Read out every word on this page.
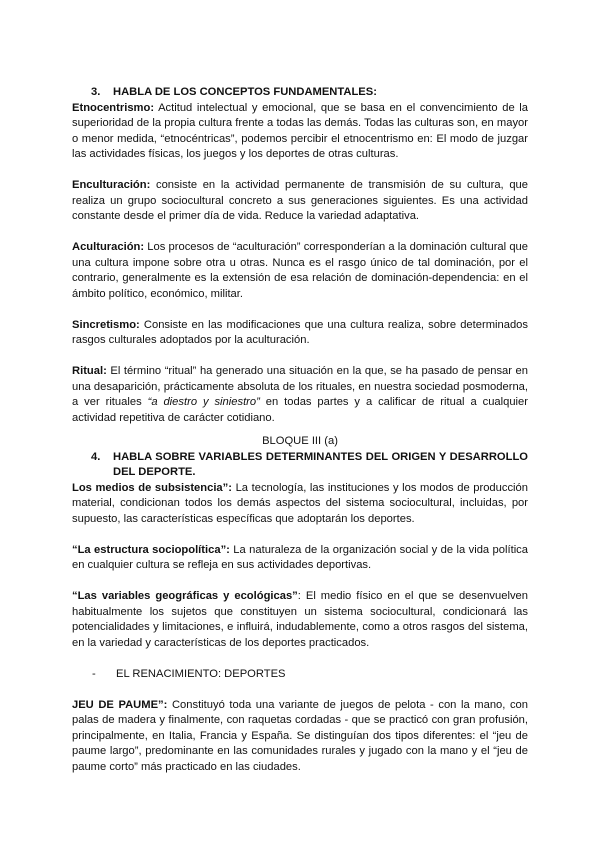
3.	HABLA DE LOS CONCEPTOS FUNDAMENTALES:

Etnocentrismo: Actitud intelectual y emocional, que se basa en el convencimiento de la superioridad de la propia cultura frente a todas las demás. Todas las culturas son, en mayor o menor medida, “etnocéntricas”, podemos percibir el etnocentrismo en: El modo de juzgar las actividades físicas, los juegos y los deportes de otras culturas.

Enculturación: consiste en la actividad permanente de transmisión de su cultura, que realiza un grupo sociocultural concreto a sus generaciones siguientes. Es una actividad constante desde el primer día de vida. Reduce la variedad adaptativa.

Aculturación: Los procesos de “aculturación” corresponderían a la dominación cultural que una cultura impone sobre otra u otras. Nunca es el rasgo único de tal dominación, por el contrario, generalmente es la extensión de esa relación de dominación-dependencia: en el ámbito político, económico, militar.

Sincretismo: Consiste en las modificaciones que una cultura realiza, sobre determinados rasgos culturales adoptados por la aculturación.

Ritual: El término “ritual” ha generado una situación en la que, se ha pasado de pensar en una desaparición, prácticamente absoluta de los rituales, en nuestra sociedad posmoderna, a ver rituales “a diestro y siniestro” en todas partes y a calificar de ritual a cualquier actividad repetitiva de carácter cotidiano.

BLOQUE III (a)

4.	HABLA SOBRE VARIABLES DETERMINANTES DEL ORIGEN Y DESARROLLO DEL DEPORTE.

Los medios de subsistencia”: La tecnología, las instituciones y los modos de producción material, condicionan todos los demás aspectos del sistema sociocultural, incluidas, por supuesto, las características específicas que adoptarán los deportes.

“La estructura sociopolítica”: La naturaleza de la organización social y de la vida política en cualquier cultura se refleja en sus actividades deportivas.

“Las variables geográficas y ecológicas”: El medio físico en el que se desenvuelven habitualmente los sujetos que constituyen un sistema sociocultural, condicionará las potencialidades y limitaciones, e influirá, indudablemente, como a otros rasgos del sistema, en la variedad y características de los deportes practicados.

-	EL RENACIMIENTO: DEPORTES

JEU DE PAUME”: Constituyó toda una variante de juegos de pelota - con la mano, con palas de madera y finalmente, con raquetas cordadas - que se practicó con gran profusión, principalmente, en Italia, Francia y España. Se distinguían dos tipos diferentes: el “jeu de paume largo”, predominante en las comunidades rurales y jugado con la mano y el “jeu de paume corto” más practicado en las ciudades.
